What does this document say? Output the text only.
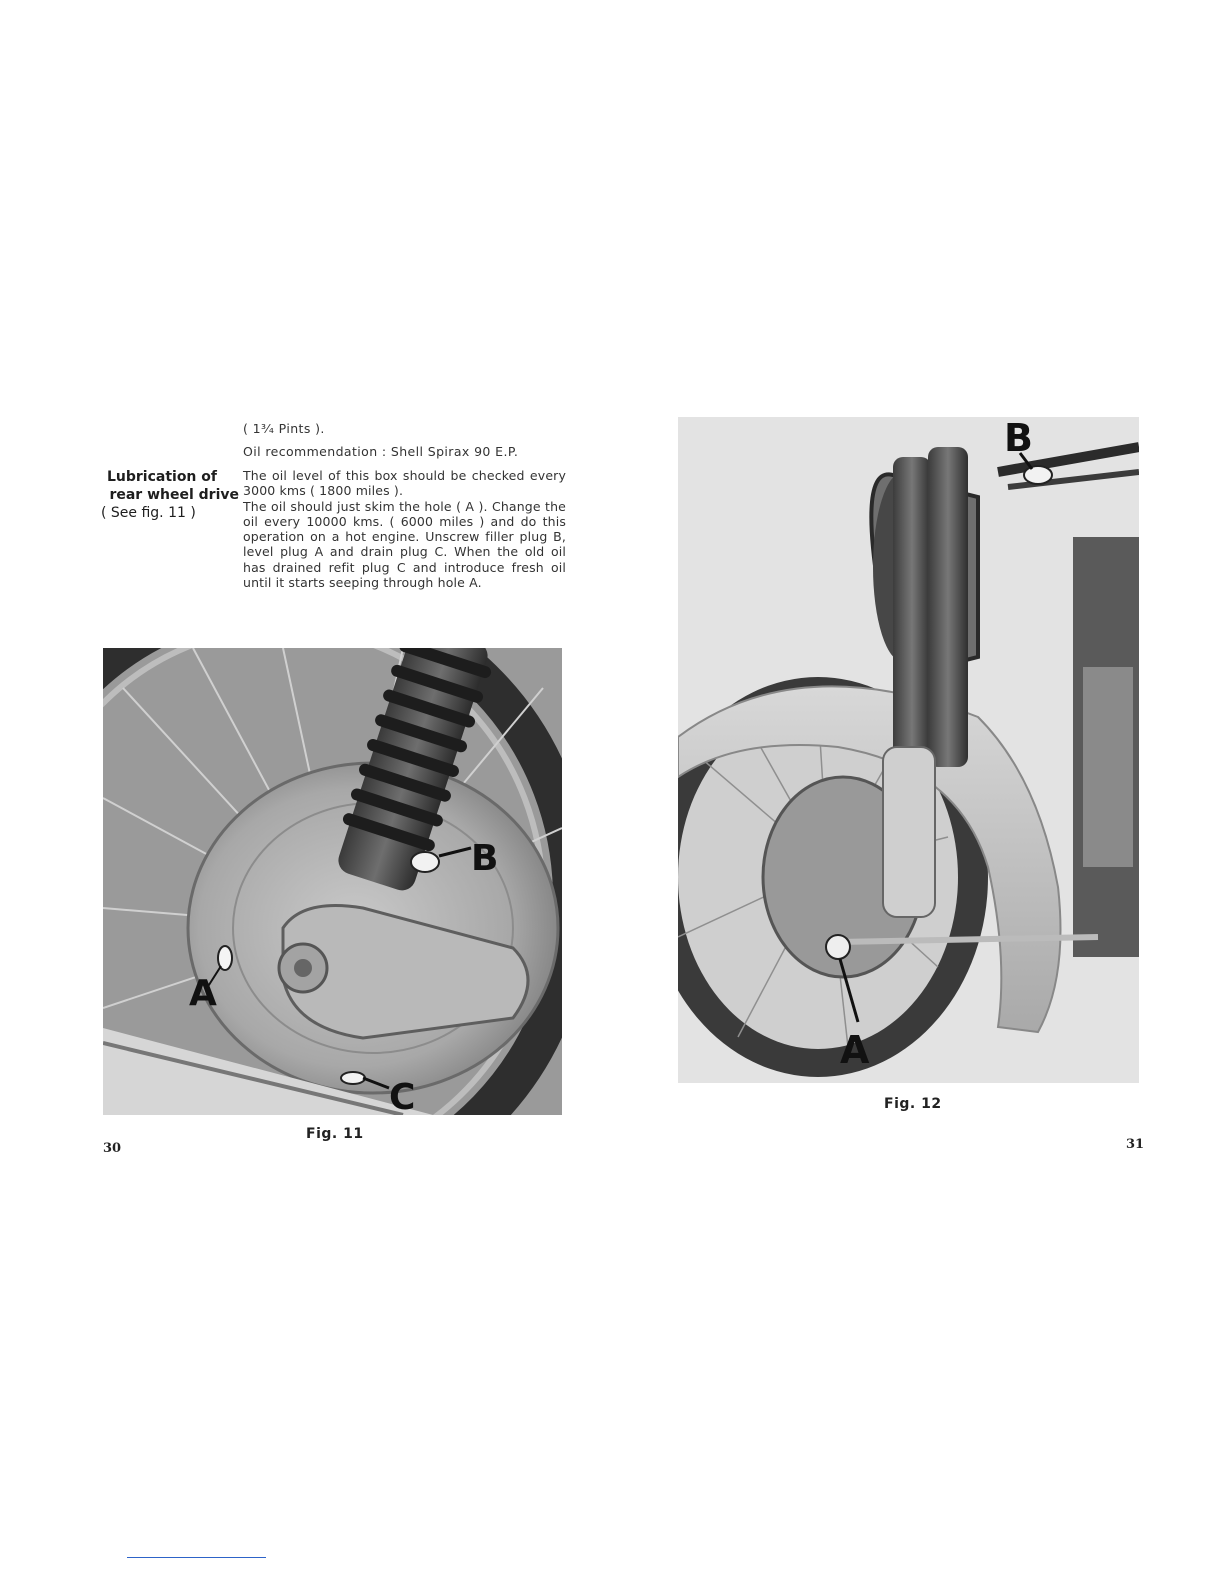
( 1³⁄₄ Pints ).
Oil recommendation : Shell Spirax 90 E.P.
Lubrication of
rear wheel drive
( See fig. 11 )

The oil level of this box should be checked every 3000 kms ( 1800 miles ).

The oil should just skim the hole ( A ). Change the oil every 10000 kms. ( 6000 miles ) and do this operation on a hot engine. Unscrew filler plug B, level plug A and drain plug C. When the old oil has drained refit plug C and introduce fresh oil until it starts seeping through hole A.

B
A
C
Fig. 11
30
A
B
Fig. 12
31
